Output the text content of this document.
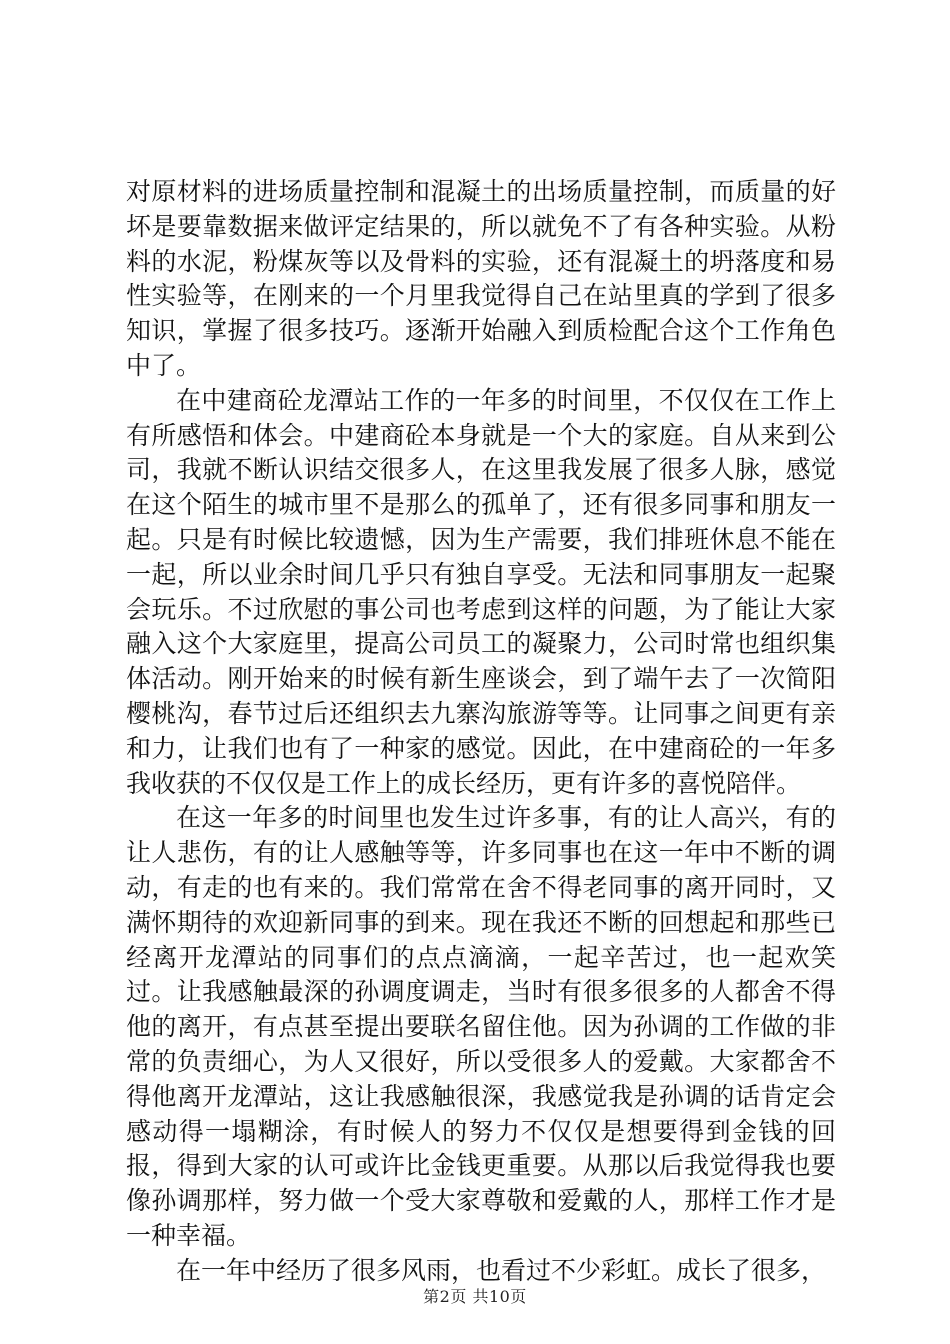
对原材料的进场质量控制和混凝土的出场质量控制，而质量的好坏是要靠数据来做评定结果的，所以就免不了有各种实验。从粉料的水泥，粉煤灰等以及骨料的实验，还有混凝土的坍落度和易性实验等，在刚来的一个月里我觉得自己在站里真的学到了很多知识，掌握了很多技巧。逐渐开始融入到质检配合这个工作角色中了。

在中建商砼龙潭站工作的一年多的时间里，不仅仅在工作上有所感悟和体会。中建商砼本身就是一个大的家庭。自从来到公司，我就不断认识结交很多人，在这里我发展了很多人脉，感觉在这个陌生的城市里不是那么的孤单了，还有很多同事和朋友一起。只是有时候比较遗憾，因为生产需要，我们排班休息不能在一起，所以业余时间几乎只有独自享受。无法和同事朋友一起聚会玩乐。不过欣慰的事公司也考虑到这样的问题，为了能让大家融入这个大家庭里，提高公司员工的凝聚力，公司时常也组织集体活动。刚开始来的时候有新生座谈会，到了端午去了一次简阳樱桃沟，春节过后还组织去九寨沟旅游等等。让同事之间更有亲和力，让我们也有了一种家的感觉。因此，在中建商砼的一年多我收获的不仅仅是工作上的成长经历，更有许多的喜悦陪伴。

在这一年多的时间里也发生过许多事，有的让人高兴，有的让人悲伤，有的让人感触等等，许多同事也在这一年中不断的调动，有走的也有来的。我们常常在舍不得老同事的离开同时，又满怀期待的欢迎新同事的到来。现在我还不断的回想起和那些已经离开龙潭站的同事们的点点滴滴，一起辛苦过，也一起欢笑过。让我感触最深的孙调度调走，当时有很多很多的人都舍不得他的离开，有点甚至提出要联名留住他。因为孙调的工作做的非常的负责细心，为人又很好，所以受很多人的爱戴。大家都舍不得他离开龙潭站，这让我感触很深，我感觉我是孙调的话肯定会感动得一塌糊涂，有时候人的努力不仅仅是想要得到金钱的回报，得到大家的认可或许比金钱更重要。从那以后我觉得我也要像孙调那样，努力做一个受大家尊敬和爱戴的人，那样工作才是一种幸福。

在一年中经历了很多风雨，也看过不少彩虹。成长了很多，

第2页 共10页
